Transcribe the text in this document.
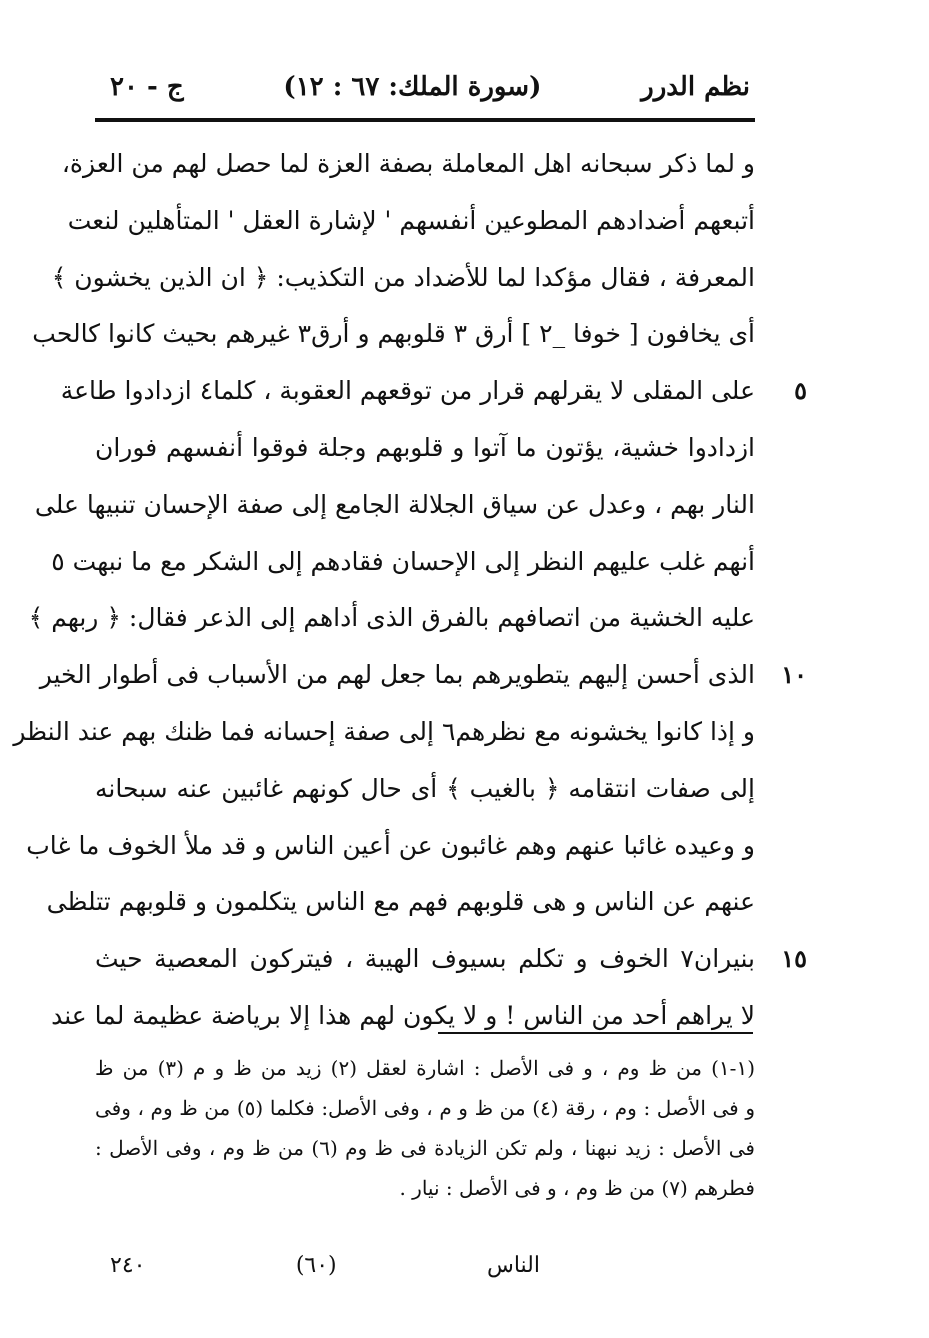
نظم الدرر
(سورة الملك: ٦٧ : ١٢)
ج - ٢٠
و لما ذكر سبحانه اهل المعاملة بصفة العزة لما حصل لهم من العزة،
أتبعهم أضدادهم المطوعين أنفسهم ' لإشارة العقل ' المتأهلين لنعت
المعرفة ، فقال مؤكدا لما للأضداد من التكذيب: ﴿ ان الذين يخشون ﴾
أى يخافون [ خوفا _٢ ] أرق ٣ قلوبهم و أرق٣ غيرهم بحيث كانوا كالحب
على المقلى لا يقرلهم قرار من توقعهم العقوبة ، كلما٤ ازدادوا طاعة	٥
ازدادوا خشية، يؤتون ما آتوا و قلوبهم وجلة فوقوا أنفسهم فوران
النار بهم ، وعدل عن سياق الجلالة الجامع إلى صفة الإحسان تنبيها على
أنهم غلب عليهم النظر إلى الإحسان فقادهم إلى الشكر مع ما نبهت ٥
عليه الخشية من اتصافهم بالفرق الذى أداهم إلى الذعر فقال: ﴿ ربهم ﴾
الذى أحسن إليهم يتطويرهم بما جعل لهم من الأسباب فى أطوار الخير	١٠
و إذا كانوا يخشونه مع نظرهم٦ إلى صفة إحسانه فما ظنك بهم عند النظر
إلى صفات انتقامه ﴿ بالغيب ﴾ أى حال كونهم غائبين عنه سبحانه
و وعيده غائبا عنهم وهم غائبون عن أعين الناس و قد ملأ الخوف ما غاب
عنهم عن الناس و هى قلوبهم فهم مع الناس يتكلمون و قلوبهم تتلظى
بنيران٧ الخوف و تكلم بسيوف الهيبة ، فيتركون المعصية حيث	١٥
لا يراهم أحد من الناس ! و لا يكون لهم هذا إلا برياضة عظيمة لما عند
(١-١) من ظ وم ، و فى الأصل : اشارة لعقل (٢) زيد من ظ و م (٣) من ظ
و فى الأصل : وم ، رقة (٤) من ظ و م ، وفى الأصل: فكلما (٥) من ظ وم ، وفى
فى الأصل : زيد نبهنا ، ولم تكن الزيادة فى ظ وم (٦) من ظ وم ، وفى الأصل :
فطرهم (٧) من ظ وم ، و فى الأصل : نيار .
الناس
(٦٠)
٢٤٠
